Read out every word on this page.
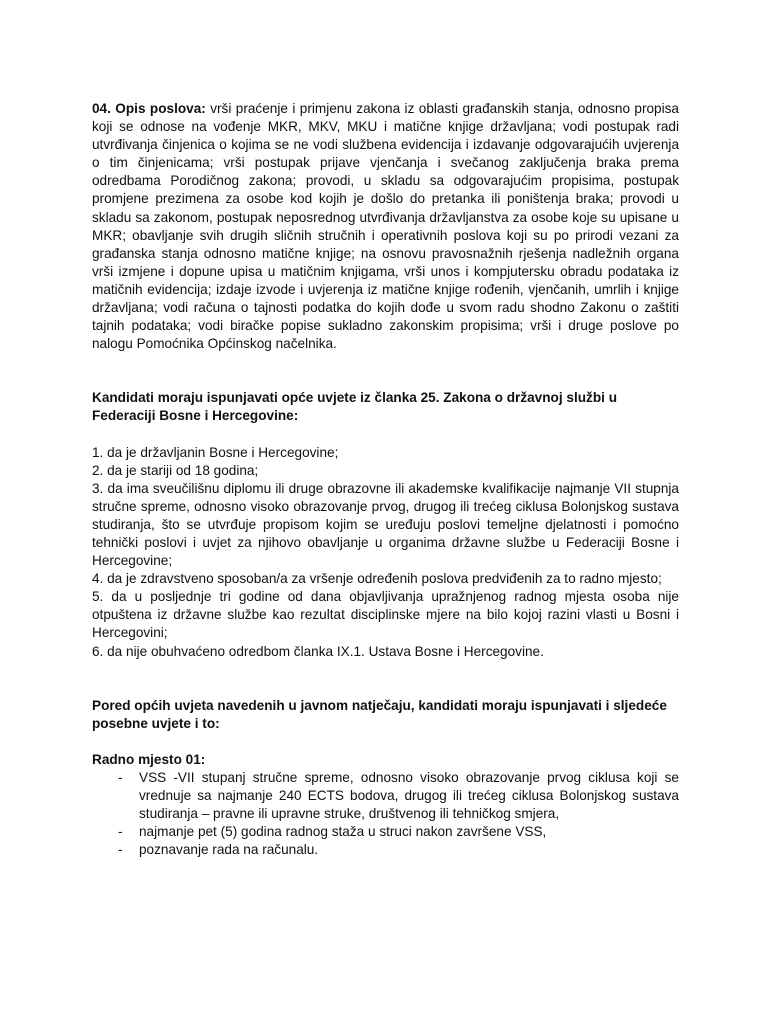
04. Opis poslova: vrši praćenje i primjenu zakona iz oblasti građanskih stanja, odnosno propisa koji se odnose na vođenje MKR, MKV, MKU i matične knjige državljana; vodi postupak radi utvrđivanja činjenica o kojima se ne vodi službena evidencija i izdavanje odgovarajućih uvjerenja o tim činjenicama; vrši postupak prijave vjenčanja i svečanog zaključenja braka prema odredbama Porodičnog zakona; provodi, u skladu sa odgovarajućim propisima, postupak promjene prezimena za osobe kod kojih je došlo do pretanka ili poništenja braka; provodi u skladu sa zakonom, postupak neposrednog utvrđivanja državljanstva za osobe koje su upisane u MKR; obavljanje svih drugih sličnih stručnih i operativnih poslova koji su po prirodi vezani za građanska stanja odnosno matične knjige; na osnovu pravosnažnih rješenja nadležnih organa vrši izmjene i dopune upisa u matičnim knjigama, vrši unos i kompjutersku obradu podataka iz matičnih evidencija; izdaje izvode i uvjerenja iz matične knjige rođenih, vjenčanih, umrlih i knjige državljana; vodi računa o tajnosti podatka do kojih dođe u svom radu shodno Zakonu o zaštiti tajnih podataka; vodi biračke popise sukladno zakonskim propisima; vrši i druge poslove po nalogu Pomoćnika Općinskog načelnika.

Kandidati moraju ispunjavati opće uvjete iz članka 25. Zakona o državnoj službi u Federaciji Bosne i Hercegovine:

1. da je državljanin Bosne i Hercegovine;

2. da je stariji od 18 godina;

3. da ima sveučilišnu diplomu ili druge obrazovne ili akademske kvalifikacije najmanje VII stupnja stručne spreme, odnosno visoko obrazovanje prvog, drugog ili trećeg ciklusa Bolonjskog sustava studiranja, što se utvrđuje propisom kojim se uređuju poslovi temeljne djelatnosti i pomoćno tehnički poslovi i uvjet za njihovo obavljanje u organima državne službe u Federaciji Bosne i Hercegovine;

4. da je zdravstveno sposoban/a za vršenje određenih poslova predviđenih za to radno mjesto;

5. da u posljednje tri godine od dana objavljivanja upražnjenog radnog mjesta osoba nije otpuštena iz državne službe kao rezultat disciplinske mjere na bilo kojoj razini vlasti u Bosni i Hercegovini;

6. da nije obuhvaćeno odredbom članka IX.1. Ustava Bosne i Hercegovine.

Pored općih uvjeta navedenih u javnom natječaju, kandidati moraju ispunjavati i sljedeće posebne uvjete i to:

Radno mjesto 01:

- VSS -VII stupanj stručne spreme, odnosno visoko obrazovanje prvog ciklusa koji se vrednuje sa najmanje 240 ECTS bodova, drugog ili trećeg ciklusa Bolonjskog sustava studiranja – pravne ili upravne struke, društvenog ili tehničkog smjera,
- najmanje pet (5) godina radnog staža u struci nakon završene VSS,
- poznavanje rada na računalu.
